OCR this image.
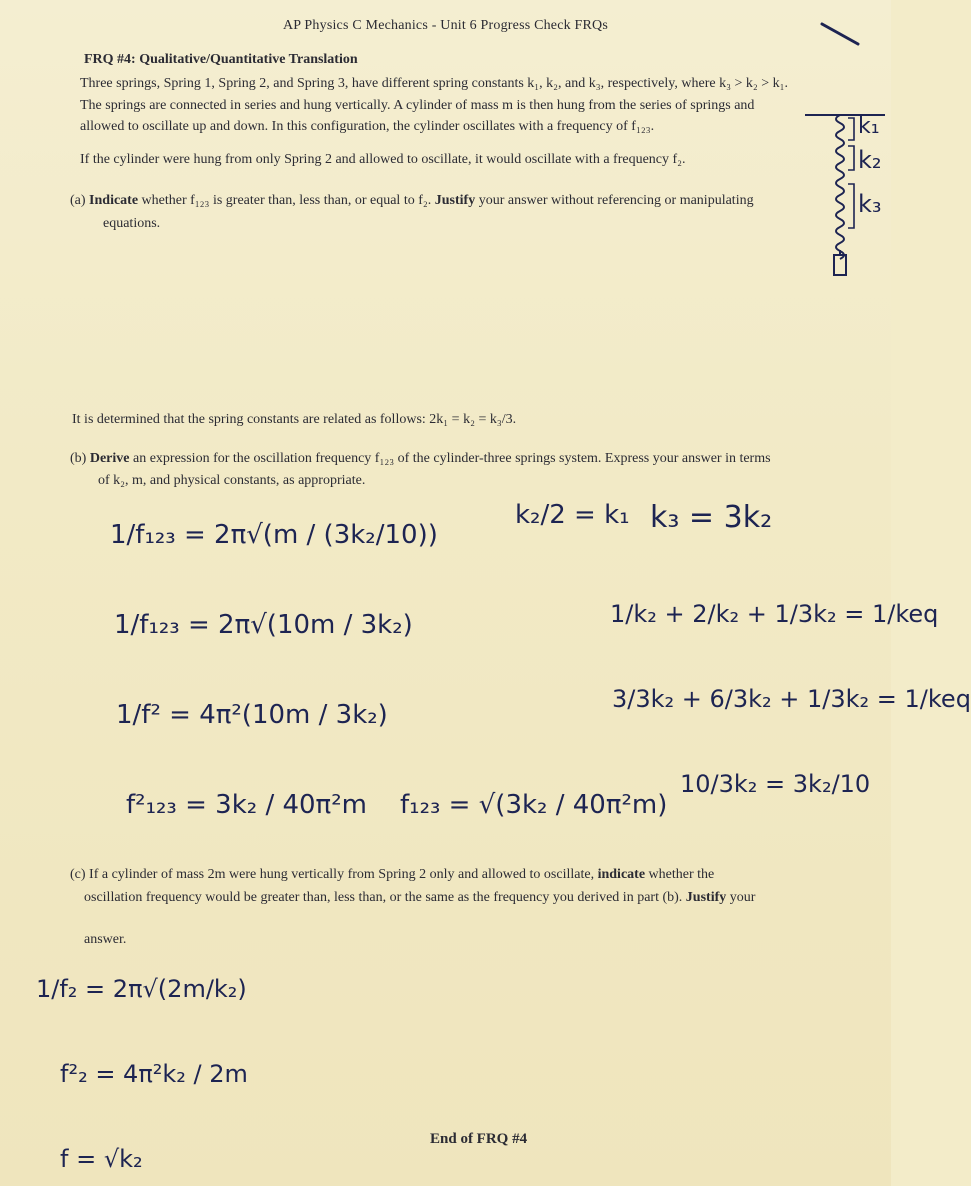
AP Physics C Mechanics - Unit 6 Progress Check FRQs
FRQ #4: Qualitative/Quantitative Translation
Three springs, Spring 1, Spring 2, and Spring 3, have different spring constants k₁, k₂, and k₃, respectively, where k₃ > k₂ > k₁.
The springs are connected in series and hung vertically. A cylinder of mass m is then hung from the series of springs and
allowed to oscillate up and down. In this configuration, the cylinder oscillates with a frequency of f₁₂₃.
If the cylinder were hung from only Spring 2 and allowed to oscillate, it would oscillate with a frequency f₂.
(a) Indicate whether f₁₂₃ is greater than, less than, or equal to f₂. Justify your answer without referencing or manipulating
equations.
k₁
k₂
k₃
It is determined that the spring constants are related as follows: 2k₁ = k₂ = k₃/3.
(b) Derive an expression for the oscillation frequency f₁₂₃ of the cylinder-three springs system. Express your answer in terms
of k₂, m, and physical constants, as appropriate.
1/f₁₂₃ = 2π√(m / (3k₂/10))
1/f₁₂₃ = 2π√(10m / 3k₂)
1/f² = 4π²(10m / 3k₂)
f²₁₂₃ = 3k₂ / 40π²m f₁₂₃ = √(3k₂ / 40π²m)
k₂/2 = k₁ k₃ = 3k₂
1/k₂ + 2/k₂ + 1/3k₂ = 1/keq
3/3k₂ + 6/3k₂ + 1/3k₂ = 1/keq
10/3k₂ = 3k₂/10
(c) If a cylinder of mass 2m were hung vertically from Spring 2 only and allowed to oscillate, indicate whether the
oscillation frequency would be greater than, less than, or the same as the frequency you derived in part (b). Justify your
answer.
1/f₂ = 2π√(2m/k₂)
f²₂ = 4π²k₂ / 2m
f = √k₂
End of FRQ #4
